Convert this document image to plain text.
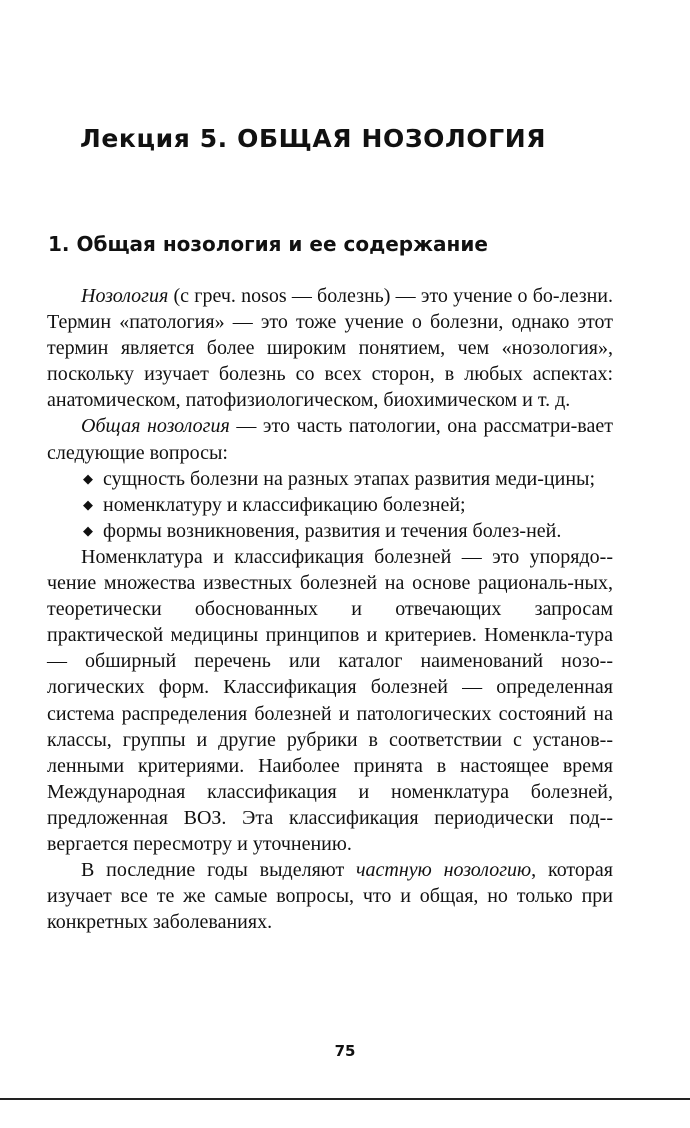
Лекция 5. ОБЩАЯ НОЗОЛОГИЯ
1. Общая нозология и ее содержание

Нозология (с греч. nosos — болезнь) — это учение о бо-лезни. Термин «патология» — это тоже учение о болезни, однако этот термин является более широким понятием, чем «нозология», поскольку изучает болезнь со всех сторон, в любых аспектах: анатомическом, патофизиологическом, биохимическом и т. д.

Общая нозология — это часть патологии, она рассматри-вает следующие вопросы:

◆ сущность болезни на разных этапах развития меди-цины;
◆ номенклатуру и классификацию болезней;
◆ формы возникновения, развития и течения болез-ней.

Номенклатура и классификация болезней — это упорядо-чение множества известных болезней на основе рациональ-ных, теоретически обоснованных и отвечающих запросам практической медицины принципов и критериев. Номенкла-тура — обширный перечень или каталог наименований нозо-логических форм. Классификация болезней — определенная система распределения болезней и патологических состояний на классы, группы и другие рубрики в соответствии с установ-ленными критериями. Наиболее принята в настоящее время Международная классификация и номенклатура болезней, предложенная ВОЗ. Эта классификация периодически под-вергается пересмотру и уточнению.

В последние годы выделяют частную нозологию, которая изучает все те же самые вопросы, что и общая, но только при конкретных заболеваниях.

75
